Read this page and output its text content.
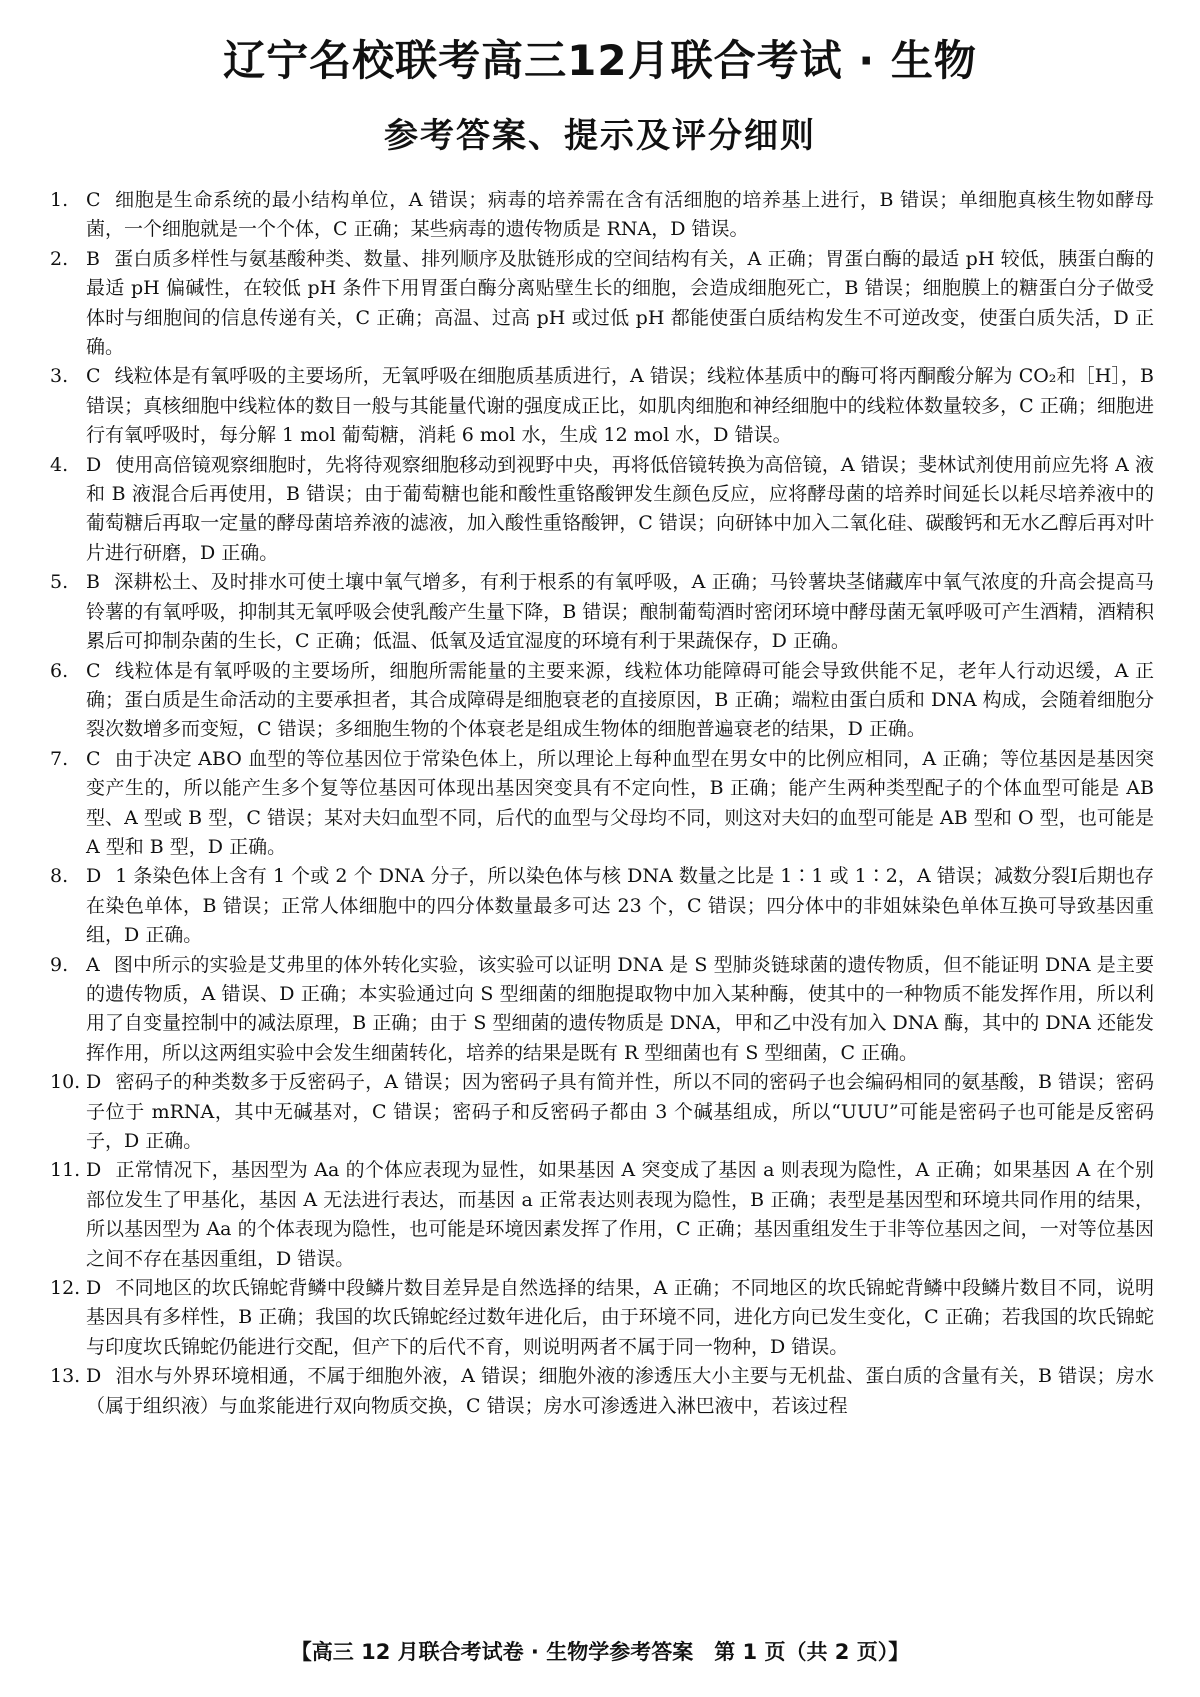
辽宁名校联考高三12月联合考试 · 生物
参考答案、提示及评分细则

1. C 细胞是生命系统的最小结构单位，A 错误；病毒的培养需在含有活细胞的培养基上进行，B 错误；单细胞真核生物如酵母菌，一个细胞就是一个个体，C 正确；某些病毒的遗传物质是 RNA，D 错误。

2. B 蛋白质多样性与氨基酸种类、数量、排列顺序及肽链形成的空间结构有关，A 正确；胃蛋白酶的最适 pH 较低，胰蛋白酶的最适 pH 偏碱性，在较低 pH 条件下用胃蛋白酶分离贴壁生长的细胞，会造成细胞死亡，B 错误；细胞膜上的糖蛋白分子做受体时与细胞间的信息传递有关，C 正确；高温、过高 pH 或过低 pH 都能使蛋白质结构发生不可逆改变，使蛋白质失活，D 正确。

3. C 线粒体是有氧呼吸的主要场所，无氧呼吸在细胞质基质进行，A 错误；线粒体基质中的酶可将丙酮酸分解为 CO₂和［H］，B 错误；真核细胞中线粒体的数目一般与其能量代谢的强度成正比，如肌肉细胞和神经细胞中的线粒体数量较多，C 正确；细胞进行有氧呼吸时，每分解 1 mol 葡萄糖，消耗 6 mol 水，生成 12 mol 水，D 错误。

4. D 使用高倍镜观察细胞时，先将待观察细胞移动到视野中央，再将低倍镜转换为高倍镜，A 错误；斐林试剂使用前应先将 A 液和 B 液混合后再使用，B 错误；由于葡萄糖也能和酸性重铬酸钾发生颜色反应，应将酵母菌的培养时间延长以耗尽培养液中的葡萄糖后再取一定量的酵母菌培养液的滤液，加入酸性重铬酸钾，C 错误；向研钵中加入二氧化硅、碳酸钙和无水乙醇后再对叶片进行研磨，D 正确。

5. B 深耕松土、及时排水可使土壤中氧气增多，有利于根系的有氧呼吸，A 正确；马铃薯块茎储藏库中氧气浓度的升高会提高马铃薯的有氧呼吸，抑制其无氧呼吸会使乳酸产生量下降，B 错误；酿制葡萄酒时密闭环境中酵母菌无氧呼吸可产生酒精，酒精积累后可抑制杂菌的生长，C 正确；低温、低氧及适宜湿度的环境有利于果蔬保存，D 正确。

6. C 线粒体是有氧呼吸的主要场所，细胞所需能量的主要来源，线粒体功能障碍可能会导致供能不足，老年人行动迟缓，A 正确；蛋白质是生命活动的主要承担者，其合成障碍是细胞衰老的直接原因，B 正确；端粒由蛋白质和 DNA 构成，会随着细胞分裂次数增多而变短，C 错误；多细胞生物的个体衰老是组成生物体的细胞普遍衰老的结果，D 正确。

7. C 由于决定 ABO 血型的等位基因位于常染色体上，所以理论上每种血型在男女中的比例应相同，A 正确；等位基因是基因突变产生的，所以能产生多个复等位基因可体现出基因突变具有不定向性，B 正确；能产生两种类型配子的个体血型可能是 AB 型、A 型或 B 型，C 错误；某对夫妇血型不同，后代的血型与父母均不同，则这对夫妇的血型可能是 AB 型和 O 型，也可能是 A 型和 B 型，D 正确。

8. D 1 条染色体上含有 1 个或 2 个 DNA 分子，所以染色体与核 DNA 数量之比是 1∶1 或 1∶2，A 错误；减数分裂Ⅰ后期也存在染色单体，B 错误；正常人体细胞中的四分体数量最多可达 23 个，C 错误；四分体中的非姐妹染色单体互换可导致基因重组，D 正确。

9. A 图中所示的实验是艾弗里的体外转化实验，该实验可以证明 DNA 是 S 型肺炎链球菌的遗传物质，但不能证明 DNA 是主要的遗传物质，A 错误、D 正确；本实验通过向 S 型细菌的细胞提取物中加入某种酶，使其中的一种物质不能发挥作用，所以利用了自变量控制中的减法原理，B 正确；由于 S 型细菌的遗传物质是 DNA，甲和乙中没有加入 DNA 酶，其中的 DNA 还能发挥作用，所以这两组实验中会发生细菌转化，培养的结果是既有 R 型细菌也有 S 型细菌，C 正确。

10. D 密码子的种类数多于反密码子，A 错误；因为密码子具有简并性，所以不同的密码子也会编码相同的氨基酸，B 错误；密码子位于 mRNA，其中无碱基对，C 错误；密码子和反密码子都由 3 个碱基组成，所以“UUU”可能是密码子也可能是反密码子，D 正确。

11. D 正常情况下，基因型为 Aa 的个体应表现为显性，如果基因 A 突变成了基因 a 则表现为隐性，A 正确；如果基因 A 在个别部位发生了甲基化，基因 A 无法进行表达，而基因 a 正常表达则表现为隐性，B 正确；表型是基因型和环境共同作用的结果，所以基因型为 Aa 的个体表现为隐性，也可能是环境因素发挥了作用，C 正确；基因重组发生于非等位基因之间，一对等位基因之间不存在基因重组，D 错误。

12. D 不同地区的坎氏锦蛇背鳞中段鳞片数目差异是自然选择的结果，A 正确；不同地区的坎氏锦蛇背鳞中段鳞片数目不同，说明基因具有多样性，B 正确；我国的坎氏锦蛇经过数年进化后，由于环境不同，进化方向已发生变化，C 正确；若我国的坎氏锦蛇与印度坎氏锦蛇仍能进行交配，但产下的后代不育，则说明两者不属于同一物种，D 错误。

13. D 泪水与外界环境相通，不属于细胞外液，A 错误；细胞外液的渗透压大小主要与无机盐、蛋白质的含量有关，B 错误；房水（属于组织液）与血浆能进行双向物质交换，C 错误；房水可渗透进入淋巴液中，若该过程

【高三 12 月联合考试卷 · 生物学参考答案　第 1 页（共 2 页）】
